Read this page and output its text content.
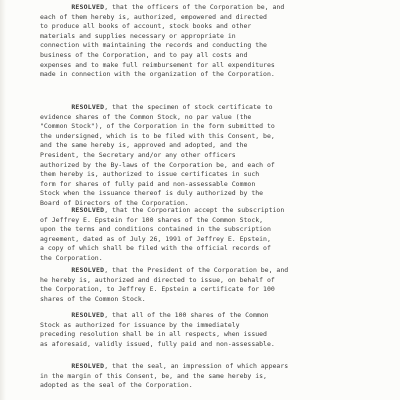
RESOLVED, that the officers of the Corporation be, and
each of them hereby is, authorized, empowered and directed
to produce all books of account, stock books and other
materials and supplies necessary or appropriate in
connection with maintaining the records and conducting the
business of the Corporation, and to pay all costs and
expenses and to make full reimbursement for all expenditures
made in connection with the organization of the Corporation.

RESOLVED, that the specimen of stock certificate to
evidence shares of the Common Stock, no par value (the
"Common Stock"), of the Corporation in the form submitted to
the undersigned, which is to be filed with this Consent, be,
and the same hereby is, approved and adopted, and the
President, the Secretary and/or any other officers
authorized by the By-laws of the Corporation be, and each of
them hereby is, authorized to issue certificates in such
form for shares of fully paid and non-assessable Common
Stock when the issuance thereof is duly authorized by the
Board of Directors of the Corporation.

RESOLVED, that the Corporation accept the subscription
of Jeffrey E. Epstein for 100 shares of the Common Stock,
upon the terms and conditions contained in the subscription
agreement, dated as of July 26, 1991 of Jeffrey E. Epstein,
a copy of which shall be filed with the official records of
the Corporation.

RESOLVED, that the President of the Corporation be, and
he hereby is, authorized and directed to issue, on behalf of
the Corporation, to Jeffrey E. Epstein a certificate for 100
shares of the Common Stock.

RESOLVED, that all of the 100 shares of the Common
Stock as authorized for issuance by the immediately
preceding resolution shall be in all respects, when issued
as aforesaid, validly issued, fully paid and non-assessable.

RESOLVED, that the seal, an impression of which appears
in the margin of this Consent, be, and the same hereby is,
adopted as the seal of the Corporation.
